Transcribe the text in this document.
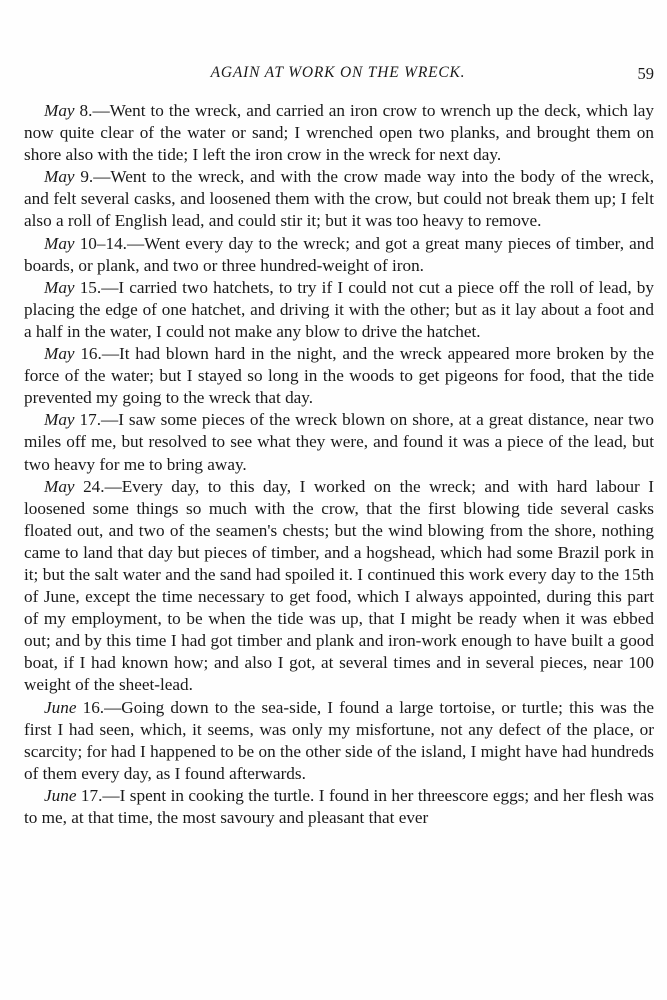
AGAIN AT WORK ON THE WRECK.	59

May 8.—Went to the wreck, and carried an iron crow to wrench up the deck, which lay now quite clear of the water or sand; I wrenched open two planks, and brought them on shore also with the tide; I left the iron crow in the wreck for next day.

May 9.—Went to the wreck, and with the crow made way into the body of the wreck, and felt several casks, and loosened them with the crow, but could not break them up; I felt also a roll of English lead, and could stir it; but it was too heavy to remove.

May 10–14.—Went every day to the wreck; and got a great many pieces of timber, and boards, or plank, and two or three hundred-weight of iron.

May 15.—I carried two hatchets, to try if I could not cut a piece off the roll of lead, by placing the edge of one hatchet, and driving it with the other; but as it lay about a foot and a half in the water, I could not make any blow to drive the hatchet.

May 16.—It had blown hard in the night, and the wreck appeared more broken by the force of the water; but I stayed so long in the woods to get pigeons for food, that the tide prevented my going to the wreck that day.

May 17.—I saw some pieces of the wreck blown on shore, at a great distance, near two miles off me, but resolved to see what they were, and found it was a piece of the lead, but two heavy for me to bring away.

May 24.—Every day, to this day, I worked on the wreck; and with hard labour I loosened some things so much with the crow, that the first blowing tide several casks floated out, and two of the seamen's chests; but the wind blowing from the shore, nothing came to land that day but pieces of timber, and a hogshead, which had some Brazil pork in it; but the salt water and the sand had spoiled it. I continued this work every day to the 15th of June, except the time necessary to get food, which I always appointed, during this part of my employment, to be when the tide was up, that I might be ready when it was ebbed out; and by this time I had got timber and plank and iron-work enough to have built a good boat, if I had known how; and also I got, at several times and in several pieces, near 100 weight of the sheet-lead.

June 16.—Going down to the sea-side, I found a large tortoise, or turtle; this was the first I had seen, which, it seems, was only my misfortune, not any defect of the place, or scarcity; for had I happened to be on the other side of the island, I might have had hundreds of them every day, as I found afterwards.

June 17.—I spent in cooking the turtle. I found in her threescore eggs; and her flesh was to me, at that time, the most savoury and pleasant that ever
